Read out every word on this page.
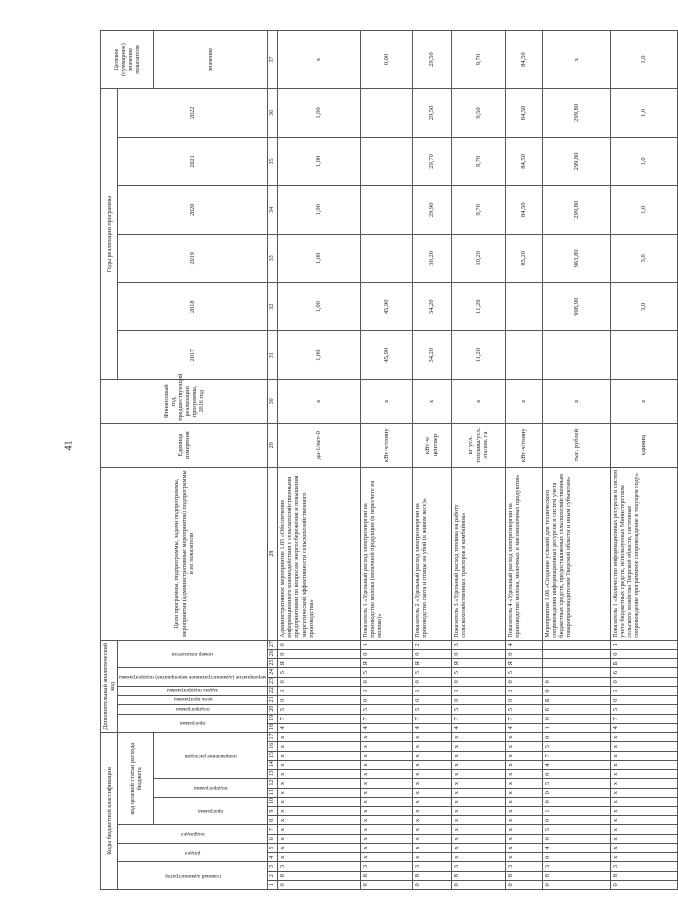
41
Коды бюджетной классификации																	Дополнительный аналитический код										Цели программы, подпрограммы, задачи подпрограммы, мероприятия (административные мероприятия) подпрограммы и их показатели	Единица измерения	Финансовый год, предшествующий реализации программы, 2016 год	Годы реализации программы						Целевое (суммарное) значение показателя

главный администратор			раздел		подраздел		код целевой статьи расхода бюджета										программа		подпрограмма	цель программы	задача подпрограммы	мероприятие (административное мероприятие) подпрограммы		номер показателя						2017	2018	2019	2020	2021	2022	

							программа			подпрограмма		направление расходов																								значение
1	2	3	4	5	6	7	8	9	10	11	12	13	14	15	16	17	18	19	20	21	22	23	24	25	26	27	28	29	30	31	32	33	34	35	36	37
0	8	3	х	х	х	х	х	х	х	х	х	х	х	х	х	х	4	7	5	0	1	0	5	Я	0	0	Административное мероприятие 1.05 «Обеспечение информационного взаимодействия с сельскохозяйственными предприятиями по вопросам энергосбережения и повышения энергетической эффективности сельскохозяйственного производства»	да-1/нет-0	х	1,00	1,00	1,00	1,00	1,00	1,00	х
0	8	3	х	х	х	х	х	х	х	х	х	х	х	х	х	х	4	7	5	0	1	0	5	Я	0	1	Показатель 1 «Удельный расход электроэнергии на производство молока (молочной продукции (в пересчете на молоко)»	кВт·ч/тонну	х	45,90	45,90					0,00
0	8	3	х	х	х	х	х	х	х	х	х	х	х	х	х	х	4	7	5	0	1	0	5	Я	0	2	Показатель 2 «Удельный расход электроэнергии на производство скота и птицы на убой (в живом весе)»	кВт·ч/центнер	х	34,20	34,20	30,20	29,90	29,70	29,50	29,50
0	8	3	х	х	х	х	х	х	х	х	х	х	х	х	х	х	4	7	5	0	1	0	5	Я	0	3	Показатель 3 «Удельный расход топлива на работу сельскохозяйственных тракторов и комбайнов»	кг усл. топлива/усл. эталон. га	х	11,20	11,20	10,20	9,70	9,70	9,50	9,70
0	8	3	х	х	х	х	х	х	х	х	х	х	х	х	х	х	4	7	5	0	1	0	5	Я	0	4	Показатель 4 «Удельный расход электроэнергии на производство молока, молочных и мясомолочных продуктов»	кВт·ч/тонну	х			85,20	84,50	84,50	84,50	84,50
0	8	3	0	4	0	5	0	1	0	0	5	0	4	7	5	0	1	0	6	Б	0	0					Мероприятие 1.06 «Создание условий для технического сопровождения информационных ресурсов и систем учета бюджетных средств, предоставляемых сельскохозяйственным товаропроизводителям Тверской области и иным субъектам»	тыс. рублей	х		998,90	963,80	299,80	299,80	299,80	х
0	8	3	х	х	х	х	х	х	х	х	х	х	х	х	х	х	4	7	5	0	1	0	6	Б	0	1	Показатель 1 «Количество информационных ресурсов и систем учета бюджетных средств, используемых Министерством сельского хозяйства Тверской области, системные сопровождение программное сопровождение в текущем году»	единиц	х		3,0	3,0	1,0	1,0	1,0	1,0
